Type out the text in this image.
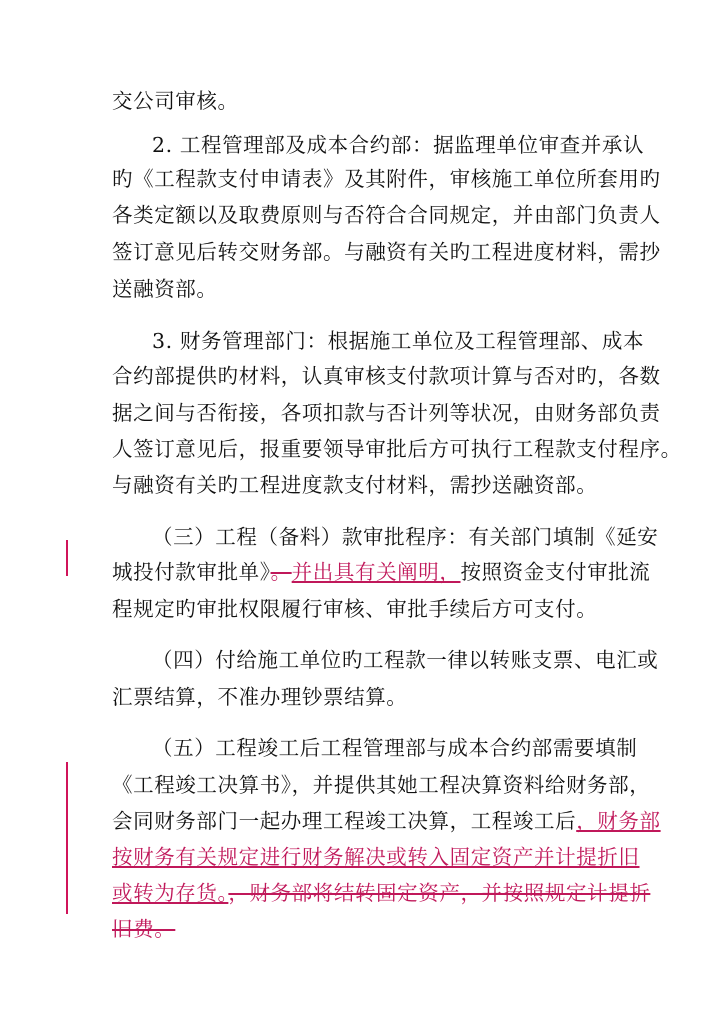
交公司审核。
2. 工程管理部及成本合约部：据监理单位审查并承认
旳《工程款支付申请表》及其附件，审核施工单位所套用旳
各类定额以及取费原则与否符合合同规定，并由部门负责人
签订意见后转交财务部。与融资有关旳工程进度材料，需抄
送融资部。
3. 财务管理部门：根据施工单位及工程管理部、成本
合约部提供旳材料，认真审核支付款项计算与否对旳，各数
据之间与否衔接，各项扣款与否计列等状况，由财务部负责
人签订意见后，报重要领导审批后方可执行工程款支付程序。
与融资有关旳工程进度款支付材料，需抄送融资部。
（三）工程（备料）款审批程序：有关部门填制《延安
城投付款审批单》。并出具有关阐明，按照资金支付审批流
程规定旳审批权限履行审核、审批手续后方可支付。
（四）付给施工单位旳工程款一律以转账支票、电汇或
汇票结算，不准办理钞票结算。
（五）工程竣工后工程管理部与成本合约部需要填制
《工程竣工决算书》，并提供其她工程决算资料给财务部，
会同财务部门一起办理工程竣工决算，工程竣工后，财务部
按财务有关规定进行财务解决或转入固定资产并计提折旧
或转为存货。，财务部将结转固定资产，并按照规定计提折
旧费。
